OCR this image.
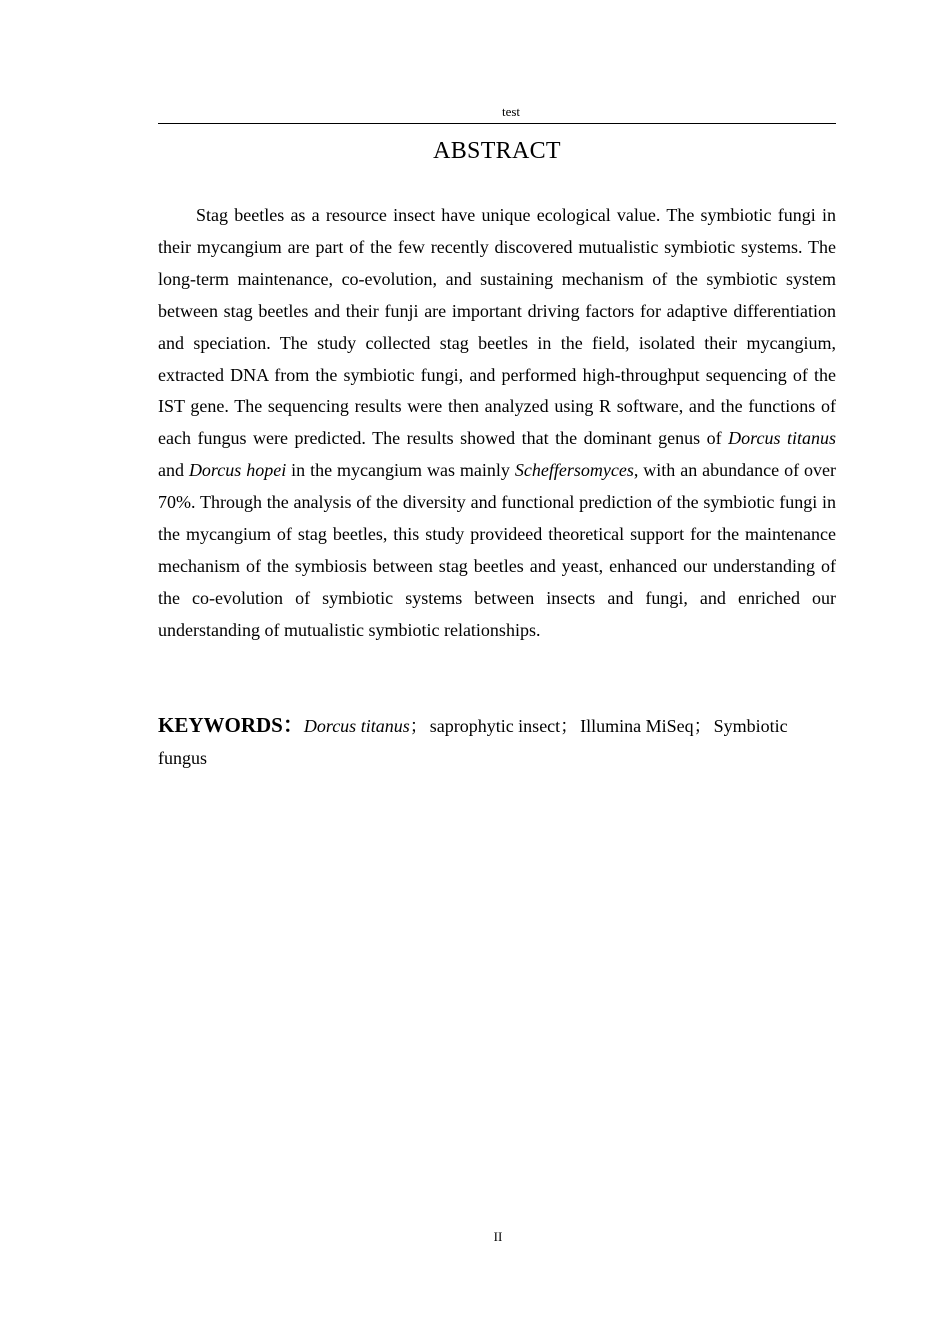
test
ABSTRACT

Stag beetles as a resource insect have unique ecological value. The symbiotic fungi in their mycangium are part of the few recently discovered mutualistic symbiotic systems. The long-term maintenance, co-evolution, and sustaining mechanism of the symbiotic system between stag beetles and their funji are important driving factors for adaptive differentiation and speciation. The study collected stag beetles in the field, isolated their mycangium, extracted DNA from the symbiotic fungi, and performed high-throughput sequencing of the IST gene. The sequencing results were then analyzed using R software, and the functions of each fungus were predicted. The results showed that the dominant genus of Dorcus titanus and Dorcus hopei in the mycangium was mainly Scheffersomyces, with an abundance of over 70%. Through the analysis of the diversity and functional prediction of the symbiotic fungi in the mycangium of stag beetles, this study provideed theoretical support for the maintenance mechanism of the symbiosis between stag beetles and yeast, enhanced our understanding of the co-evolution of symbiotic systems between insects and fungi, and enriched our understanding of mutualistic symbiotic relationships.

KEYWORDS：Dorcus titanus； saprophytic insect； Illumina MiSeq； Symbiotic fungus

II
